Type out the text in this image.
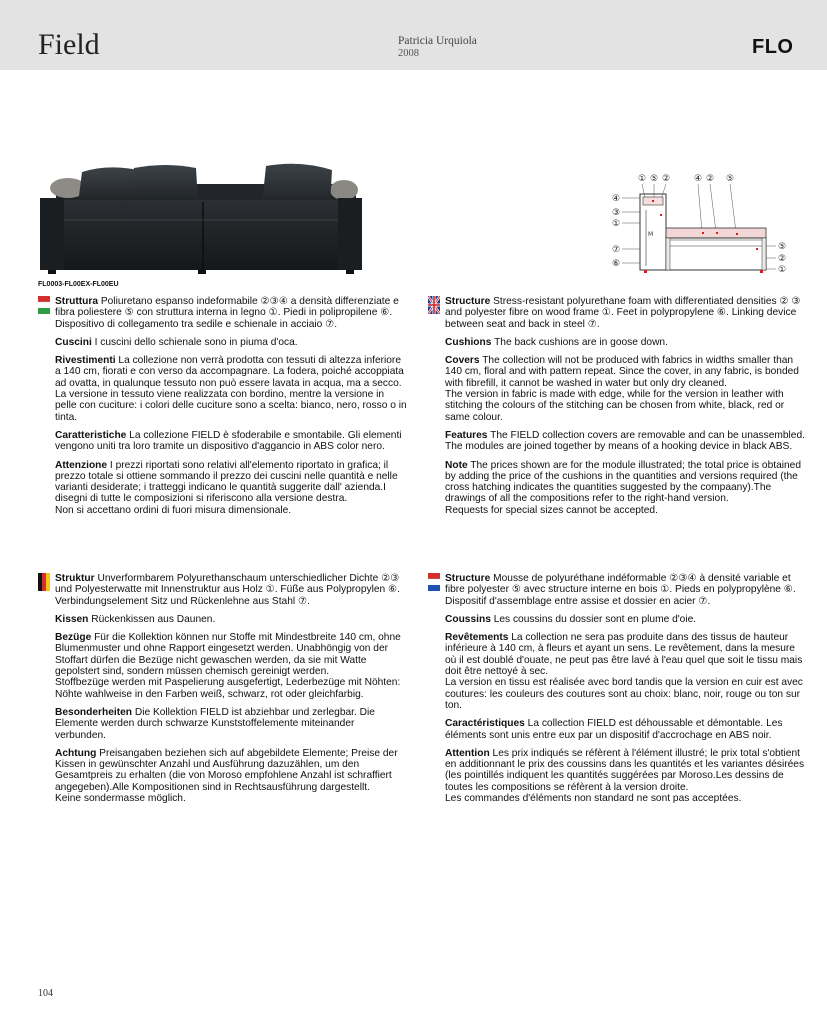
Field	Patricia Urquiola
2008	FLO
FL0003-FL00EX-FL00EU
① ⑤ ②	④ ② ⑤
④
③
①
⑦
⑥
⑤
②
①
M

Struttura Poliuretano espanso indeformabile ②③④ a densità differenziate e fibra poliestere ⑤ con struttura interna in legno ①. Piedi in polipropilene ⑥. Dispositivo di collegamento tra sedile e schienale in acciaio ⑦.

Cuscini I cuscini dello schienale sono in piuma d'oca.

Rivestimenti La collezione non verrà prodotta con tessuti di altezza inferiore a 140 cm, fiorati e con verso da accompagnare. La fodera, poiché accoppiata ad ovatta, in qualunque tessuto non può essere lavata in acqua, ma a secco. La versione in tessuto viene realizzata con bordino, mentre la versione in pelle con cuciture: i colori delle cuciture sono a scelta: bianco, nero, rosso o in tinta.

Caratteristiche La collezione FIELD è sfoderabile e smontabile. Gli elementi vengono uniti tra loro tramite un dispositivo d'aggancio in ABS color nero.

Attenzione I prezzi riportati sono relativi all'elemento riportato in grafica; il prezzo totale si ottiene sommando il prezzo dei cuscini nelle quantità e nelle varianti desiderate; i tratteggi indicano le quantità suggerite dall' azienda.I disegni di tutte le composizioni si riferiscono alla versione destra.
Non si accettano ordini di fuori misura dimensionale.

Structure Stress-resistant polyurethane foam with differentiated densities ② ③ and polyester fibre on wood frame ①. Feet in polypropylene ⑥. Linking device between seat and back in steel ⑦.

Cushions The back cushions are in goose down.

Covers The collection will not be produced with fabrics in widths smaller than 140 cm, floral and with pattern repeat. Since the cover, in any fabric, is bonded with fibrefill, it cannot be washed in water but only dry cleaned.
The version in fabric is made with edge, while for the version in leather with stitching the colours of the stitching can be chosen from white, black, red or same colour.

Features The FIELD collection covers are removable and can be unassembled. The modules are joined together by means of a hooking device in black ABS.

Note The prices shown are for the module illustrated; the total price is obtained by adding the price of the cushions in the quantities and versions required (the cross hatching indicates the quantities suggested by the compaany).The drawings of all the compositions refer to the right-hand version.
Requests for special sizes cannot be accepted.

Struktur Unverformbarem Polyurethanschaum unterschiedlicher Dichte ②③ und Polyesterwatte mit Innenstruktur aus Holz ①. Füße aus Polypropylen ⑥. Verbindungselement Sitz und Rückenlehne aus Stahl ⑦.

Kissen Rückenkissen aus Daunen.

Bezüge Für die Kollektion können nur Stoffe mit Mindestbreite 140 cm, ohne Blumenmuster und ohne Rapport eingesetzt werden. Unabhöngig von der Stoffart dürfen die Bezüge nicht gewaschen werden, da sie mit Watte gepolstert sind, sondern müssen chemisch gereinigt werden.
Stoffbezüge werden mit Paspelierung ausgefertigt, Lederbezüge mit Nöhten: Nöhte wahlweise in den Farben weiß, schwarz, rot oder gleichfarbig.

Besonderheiten Die Kollektion FIELD ist abziehbar und zerlegbar. Die Elemente werden durch schwarze Kunststoffelemente miteinander verbunden.

Achtung Preisangaben beziehen sich auf abgebildete Elemente; Preise der Kissen in gewünschter Anzahl und Ausführung dazuzählen, um den Gesamtpreis zu erhalten (die von Moroso empfohlene Anzahl ist schraffiert angegeben).Alle Kompositionen sind in Rechtsausführung dargestellt.
Keine sondermasse möglich.

Structure Mousse de polyuréthane indéformable ②③④ à densité variable et fibre polyester ⑤ avec structure interne en bois ①. Pieds en polypropylène ⑥. Dispositif d'assemblage entre assise et dossier en acier ⑦.

Coussins Les coussins du dossier sont en plume d'oie.

Revêtements La collection ne sera pas produite dans des tissus de hauteur inférieure à 140 cm, à fleurs et ayant un sens. Le revêtement, dans la mesure où il est doublé d'ouate, ne peut pas être lavé à l'eau quel que soit le tissu mais doit être nettoyé à sec.
La version en tissu est réalisée avec bord tandis que la version en cuir est avec coutures: les couleurs des coutures sont au choix: blanc, noir, rouge ou ton sur ton.

Caractéristiques La collection FIELD est déhoussable et démontable. Les éléments sont unis entre eux par un dispositif d'accrochage en ABS noir.

Attention Les prix indiqués se réfèrent à l'élément illustré; le prix total s'obtient en additionnant le prix des coussins dans les quantités et les variantes désirées (les pointillés indiquent les quantités suggérées par Moroso.Les dessins de toutes les compositions se réfèrent à la version droite.
Les commandes d'éléments non standard ne sont pas acceptées.

104
